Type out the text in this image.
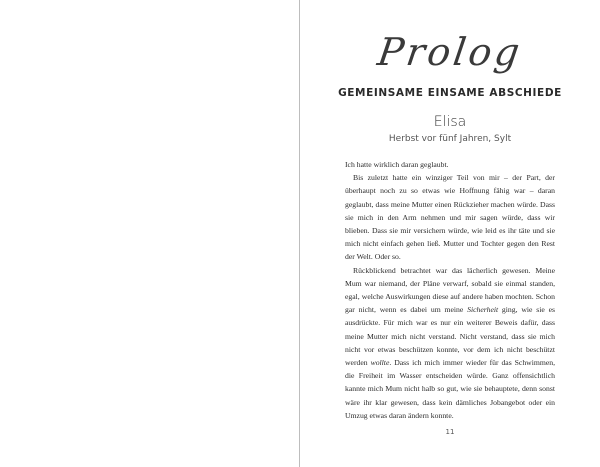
Prolog
GEMEINSAME EINSAME ABSCHIEDE
Elisa
Herbst vor fünf Jahren, Sylt

Ich hatte wirklich daran geglaubt.

Bis zuletzt hatte ein winziger Teil von mir – der Part, der überhaupt noch zu so etwas wie Hoffnung fähig war – daran geglaubt, dass meine Mutter einen Rückzieher machen würde. Dass sie mich in den Arm nehmen und mir sagen würde, dass wir blieben. Dass sie mir versichern würde, wie leid es ihr täte und sie mich nicht einfach gehen ließ. Mutter und Tochter gegen den Rest der Welt. Oder so.

Rückblickend betrachtet war das lächerlich gewesen. Meine Mum war niemand, der Pläne verwarf, sobald sie einmal standen, egal, welche Auswirkungen diese auf andere haben mochten. Schon gar nicht, wenn es dabei um meine Sicherheit ging, wie sie es ausdrückte. Für mich war es nur ein weiterer Beweis dafür, dass meine Mutter mich nicht verstand. Nicht verstand, dass sie mich nicht vor etwas beschützen konnte, vor dem ich nicht beschützt werden wollte. Dass ich mich immer wieder für das Schwimmen, die Freiheit im Wasser entscheiden würde. Ganz offensichtlich kannte mich Mum nicht halb so gut, wie sie behauptete, denn sonst wäre ihr klar gewesen, dass kein dämliches Jobangebot oder ein Umzug etwas daran ändern konnte.

11
